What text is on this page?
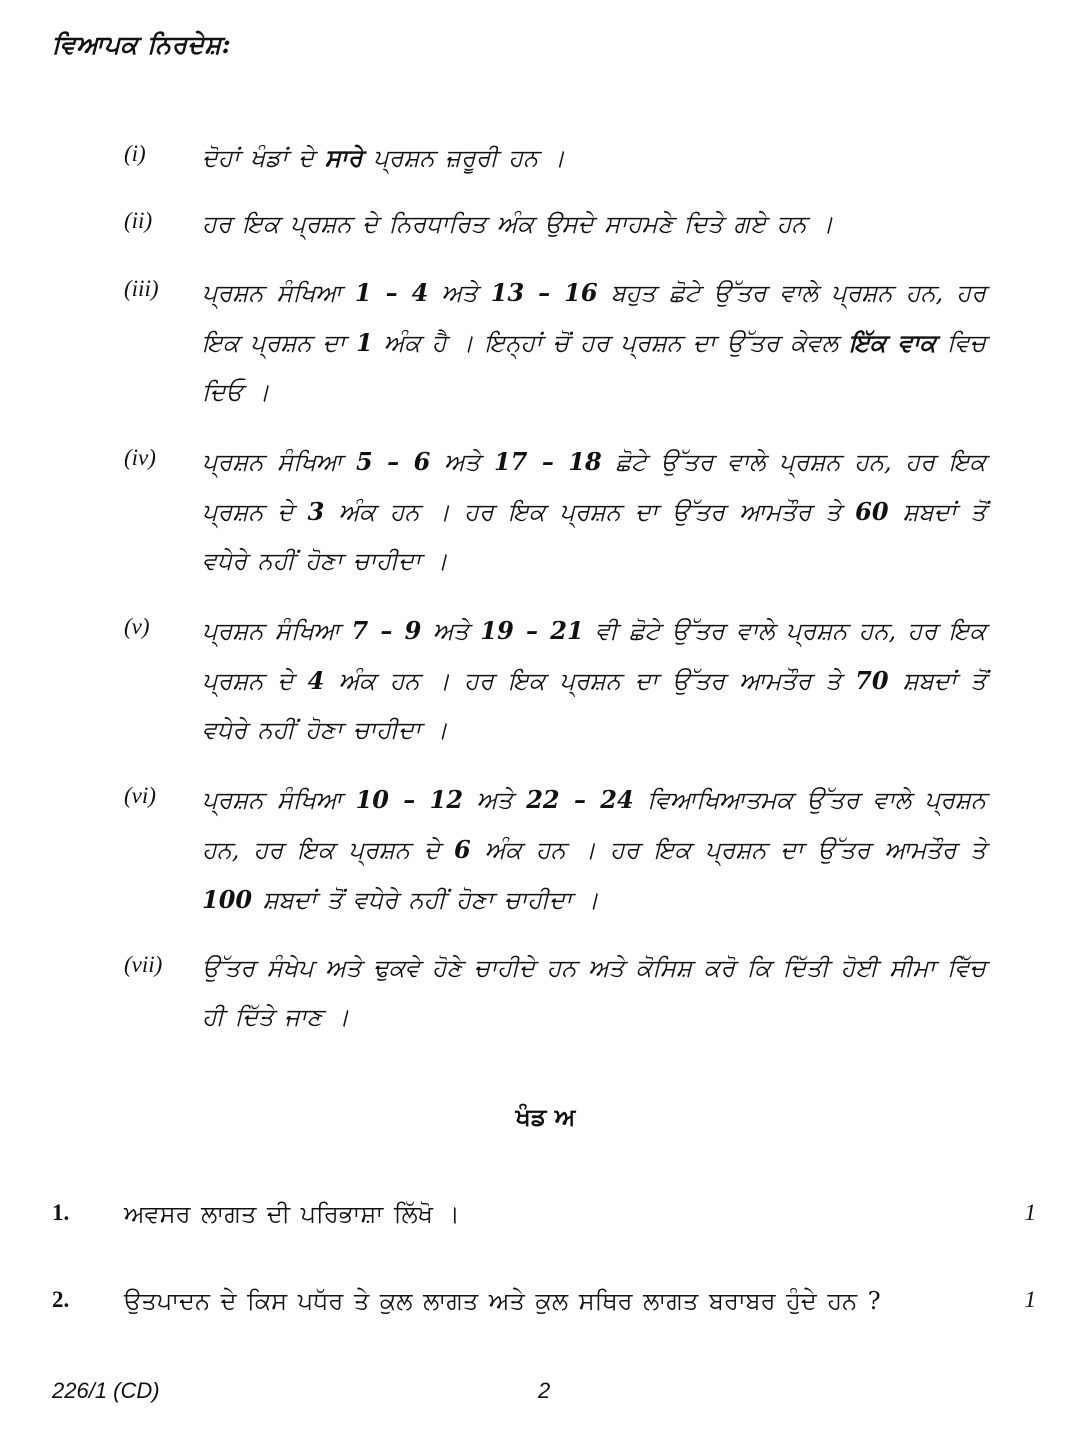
ਵਿਆਪਕ ਨਿਰਦੇਸ਼:
(i) ਦੋਹਾਂ ਖੰਡਾਂ ਦੇ ਸਾਰੇ ਪ੍ਰਸ਼ਨ ਜ਼ਰੂਰੀ ਹਨ ।
(ii) ਹਰ ਇਕ ਪ੍ਰਸ਼ਨ ਦੇ ਨਿਰਧਾਰਿਤ ਅੰਕ ਉਸਦੇ ਸਾਹਮਣੇ ਦਿਤੇ ਗਏ ਹਨ ।
(iii) ਪ੍ਰਸ਼ਨ ਸੰਖਿਆ 1 – 4 ਅਤੇ 13 – 16 ਬਹੁਤ ਛੋਟੇ ਉੱਤਰ ਵਾਲੇ ਪ੍ਰਸ਼ਨ ਹਨ, ਹਰ ਇਕ ਪ੍ਰਸ਼ਨ ਦਾ 1 ਅੰਕ ਹੈ । ਇਨ੍ਹਾਂ ਚੋਂ ਹਰ ਪ੍ਰਸ਼ਨ ਦਾ ਉੱਤਰ ਕੇਵਲ ਇੱਕ ਵਾਕ ਵਿਚ ਦਿਓ ।
(iv) ਪ੍ਰਸ਼ਨ ਸੰਖਿਆ 5 – 6 ਅਤੇ 17 – 18 ਛੋਟੇ ਉੱਤਰ ਵਾਲੇ ਪ੍ਰਸ਼ਨ ਹਨ, ਹਰ ਇਕ ਪ੍ਰਸ਼ਨ ਦੇ 3 ਅੰਕ ਹਨ । ਹਰ ਇਕ ਪ੍ਰਸ਼ਨ ਦਾ ਉੱਤਰ ਆਮਤੌਰ ਤੇ 60 ਸ਼ਬਦਾਂ ਤੋਂ ਵਧੇਰੇ ਨਹੀਂ ਹੋਣਾ ਚਾਹੀਦਾ ।
(v) ਪ੍ਰਸ਼ਨ ਸੰਖਿਆ 7 – 9 ਅਤੇ 19 – 21 ਵੀ ਛੋਟੇ ਉੱਤਰ ਵਾਲੇ ਪ੍ਰਸ਼ਨ ਹਨ, ਹਰ ਇਕ ਪ੍ਰਸ਼ਨ ਦੇ 4 ਅੰਕ ਹਨ । ਹਰ ਇਕ ਪ੍ਰਸ਼ਨ ਦਾ ਉੱਤਰ ਆਮਤੌਰ ਤੇ 70 ਸ਼ਬਦਾਂ ਤੋਂ ਵਧੇਰੇ ਨਹੀਂ ਹੋਣਾ ਚਾਹੀਦਾ ।
(vi) ਪ੍ਰਸ਼ਨ ਸੰਖਿਆ 10 – 12 ਅਤੇ 22 – 24 ਵਿਆਖਿਆਤਮਕ ਉੱਤਰ ਵਾਲੇ ਪ੍ਰਸ਼ਨ ਹਨ, ਹਰ ਇਕ ਪ੍ਰਸ਼ਨ ਦੇ 6 ਅੰਕ ਹਨ । ਹਰ ਇਕ ਪ੍ਰਸ਼ਨ ਦਾ ਉੱਤਰ ਆਮਤੌਰ ਤੇ 100 ਸ਼ਬਦਾਂ ਤੋਂ ਵਧੇਰੇ ਨਹੀਂ ਹੋਣਾ ਚਾਹੀਦਾ ।
(vii) ਉੱਤਰ ਸੰਖੇਪ ਅਤੇ ਢੁਕਵੇ ਹੋਣੇ ਚਾਹੀਦੇ ਹਨ ਅਤੇ ਕੋਸਿਸ਼ ਕਰੋ ਕਿ ਦਿੱਤੀ ਹੋਈ ਸੀਮਾ ਵਿੱਚ ਹੀ ਦਿੱਤੇ ਜਾਣ ।
ਖੰਡ ਅ
1. ਅਵਸਰ ਲਾਗਤ ਦੀ ਪਰਿਭਾਸ਼ਾ ਲਿੱਖੋ ।	1
2. ਉਤਪਾਦਨ ਦੇ ਕਿਸ ਪਧੱਰ ਤੇ ਕੁਲ ਲਾਗਤ ਅਤੇ ਕੁਲ ਸਥਿਰ ਲਾਗਤ ਬਰਾਬਰ ਹੁੰਦੇ ਹਨ ?	1
226/1 (CD)	2
